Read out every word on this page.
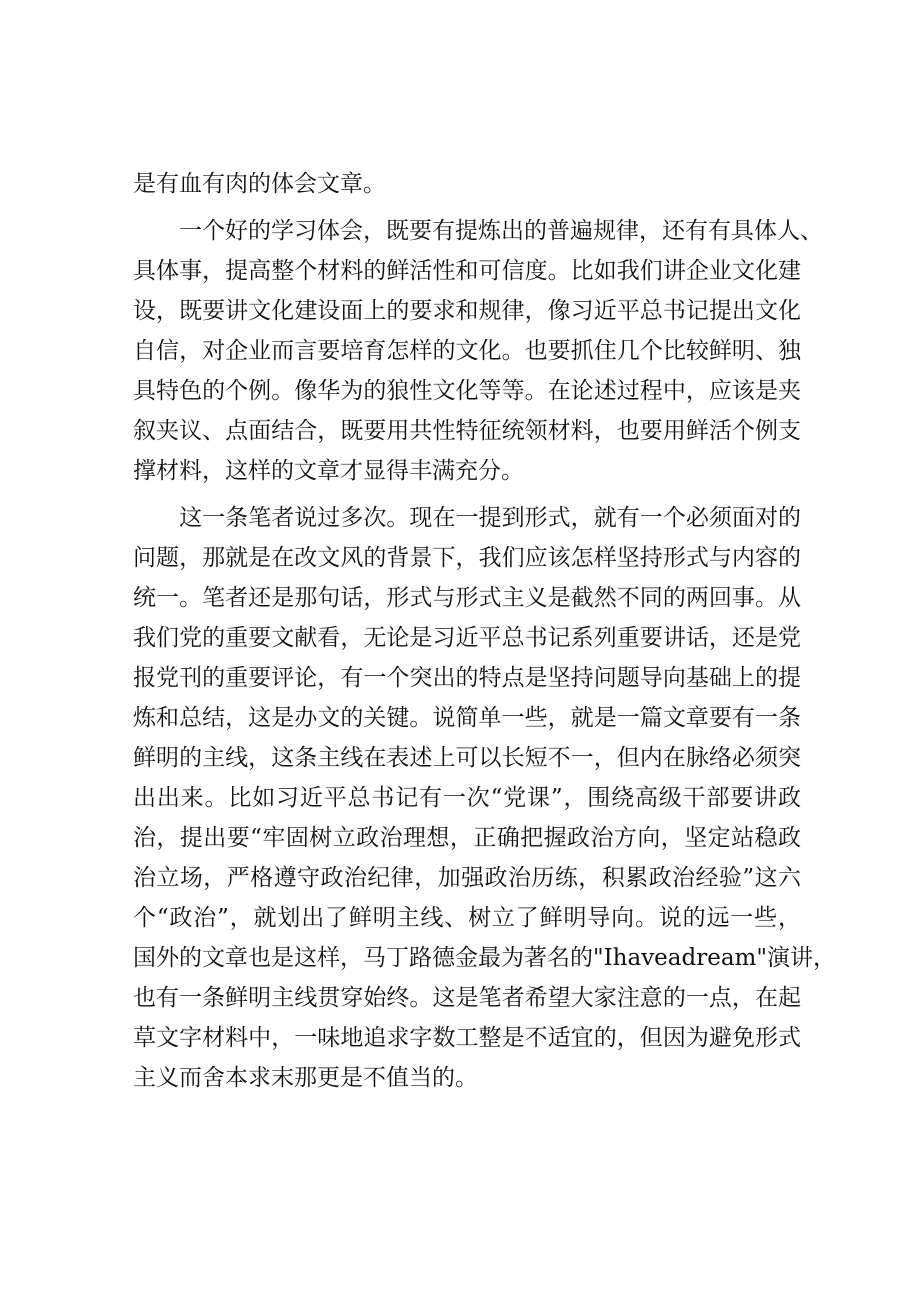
是有血有肉的体会文章。
　　一个好的学习体会，既要有提炼出的普遍规律，还有有具体人、
具体事，提高整个材料的鲜活性和可信度。比如我们讲企业文化建
设，既要讲文化建设面上的要求和规律，像习近平总书记提出文化
自信，对企业而言要培育怎样的文化。也要抓住几个比较鲜明、独
具特色的个例。像华为的狼性文化等等。在论述过程中，应该是夹
叙夹议、点面结合，既要用共性特征统领材料，也要用鲜活个例支
撑材料，这样的文章才显得丰满充分。
　　这一条笔者说过多次。现在一提到形式，就有一个必须面对的
问题，那就是在改文风的背景下，我们应该怎样坚持形式与内容的
统一。笔者还是那句话，形式与形式主义是截然不同的两回事。从
我们党的重要文献看，无论是习近平总书记系列重要讲话，还是党
报党刊的重要评论，有一个突出的特点是坚持问题导向基础上的提
炼和总结，这是办文的关键。说简单一些，就是一篇文章要有一条
鲜明的主线，这条主线在表述上可以长短不一，但内在脉络必须突
出出来。比如习近平总书记有一次“党课”，围绕高级干部要讲政
治，提出要“牢固树立政治理想，正确把握政治方向，坚定站稳政
治立场，严格遵守政治纪律，加强政治历练，积累政治经验”这六
个“政治”，就划出了鲜明主线、树立了鲜明导向。说的远一些，
国外的文章也是这样，马丁路德金最为著名的"Ihaveadream"演讲，
也有一条鲜明主线贯穿始终。这是笔者希望大家注意的一点，在起
草文字材料中，一味地追求字数工整是不适宜的，但因为避免形式
主义而舍本求末那更是不值当的。
